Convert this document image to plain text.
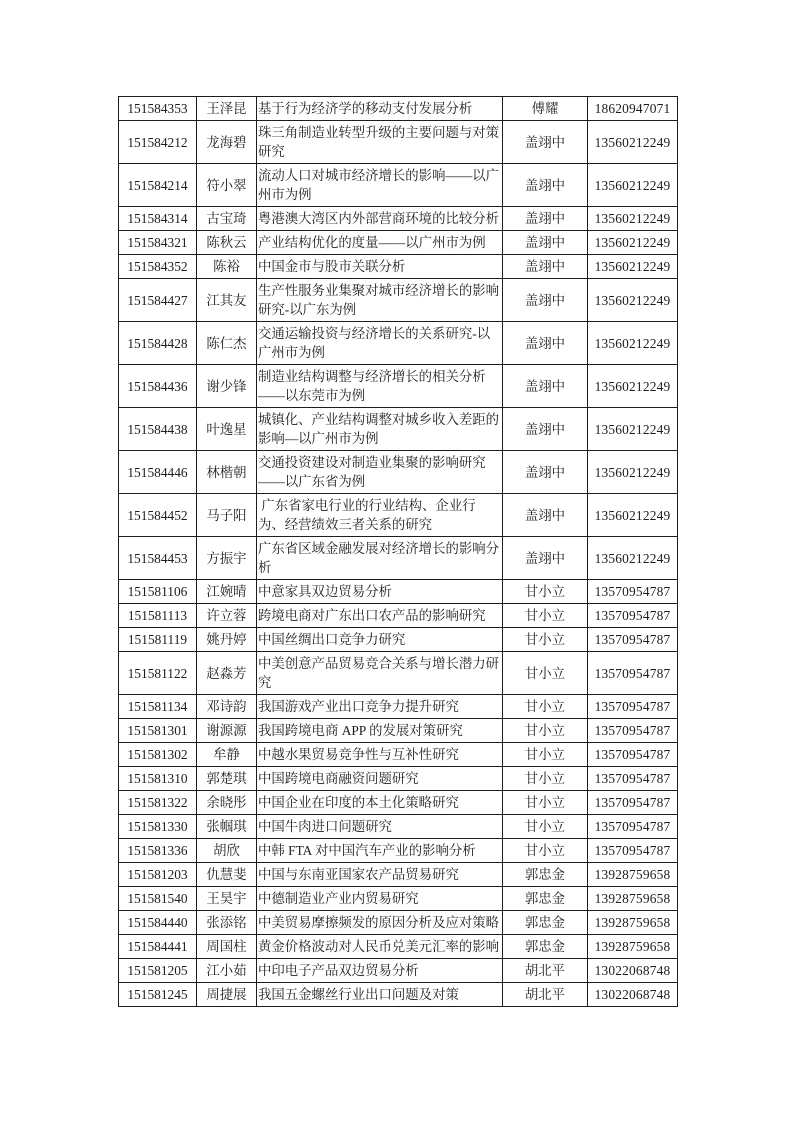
151584353	王泽昆	基于行为经济学的移动支付发展分析	傅耀	18620947071
151584212	龙海碧	珠三角制造业转型升级的主要问题与对策研究	盖翊中	13560212249
151584214	符小翠	流动人口对城市经济增长的影响——以广州市为例	盖翊中	13560212249
151584314	古宝琦	粤港澳大湾区内外部营商环境的比较分析	盖翊中	13560212249
151584321	陈秋云	产业结构优化的度量——以广州市为例	盖翊中	13560212249
151584352	陈裕	中国金市与股市关联分析	盖翊中	13560212249
151584427	江其友	生产性服务业集聚对城市经济增长的影响研究-以广东为例	盖翊中	13560212249
151584428	陈仁杰	交通运输投资与经济增长的关系研究-以广州市为例	盖翊中	13560212249
151584436	谢少锋	制造业结构调整与经济增长的相关分析——以东莞市为例	盖翊中	13560212249
151584438	叶逸星	城镇化、产业结构调整对城乡收入差距的影响—以广州市为例	盖翊中	13560212249
151584446	林楷朝	交通投资建设对制造业集聚的影响研究——以广东省为例	盖翊中	13560212249
151584452	马子阳	广东省家电行业的行业结构、企业行为、经营绩效三者关系的研究	盖翊中	13560212249
151584453	方振宇	广东省区域金融发展对经济增长的影响分析	盖翊中	13560212249
151581106	江婉晴	中意家具双边贸易分析	甘小立	13570954787
151581113	许立蓉	跨境电商对广东出口农产品的影响研究	甘小立	13570954787
151581119	姚丹婷	中国丝绸出口竞争力研究	甘小立	13570954787
151581122	赵淼芳	中美创意产品贸易竞合关系与增长潜力研究	甘小立	13570954787
151581134	邓诗韵	我国游戏产业出口竞争力提升研究	甘小立	13570954787
151581301	谢源源	我国跨境电商 APP 的发展对策研究	甘小立	13570954787
151581302	牟静	中越水果贸易竞争性与互补性研究	甘小立	13570954787
151581310	郭楚琪	中国跨境电商融资问题研究	甘小立	13570954787
151581322	余晓彤	中国企业在印度的本土化策略研究	甘小立	13570954787
151581330	张帼琪	中国牛肉进口问题研究	甘小立	13570954787
151581336	胡欣	中韩 FTA 对中国汽车产业的影响分析	甘小立	13570954787
151581203	仇慧斐	中国与东南亚国家农产品贸易研究	郭忠金	13928759658
151581540	王昊宇	中德制造业产业内贸易研究	郭忠金	13928759658
151584440	张添铭	中美贸易摩擦频发的原因分析及应对策略	郭忠金	13928759658
151584441	周国柱	黄金价格波动对人民币兑美元汇率的影响	郭忠金	13928759658
151581205	江小茹	中印电子产品双边贸易分析	胡北平	13022068748
151581245	周捷展	我国五金螺丝行业出口问题及对策	胡北平	13022068748
